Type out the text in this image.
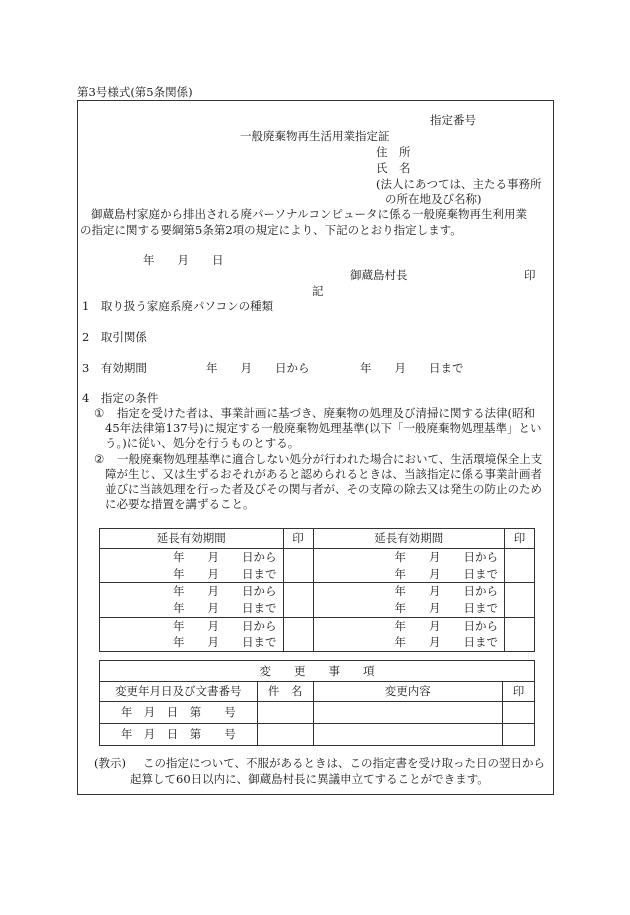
第3号様式(第5条関係)
指定番号
一般廃棄物再生活用業指定証
住　所
氏　名
(法人にあつては、主たる事務所
の所在地及び名称)
御蔵島村家庭から排出される廃パーソナルコンピュータに係る一般廃棄物再生利用業
の指定に関する要綱第5条第2項の規定により、下記のとおり指定します。
年　　月　　日
御蔵島村長	印
記
1　取り扱う家庭系廃パソコンの種類
2　取引関係
3　有効期間	年　　月　　日から	年　　月　　日まで
4　指定の条件
① 指定を受けた者は、事業計画に基づき、廃棄物の処理及び清掃に関する法律(昭和
45年法律第137号)に規定する一般廃棄物処理基準(以下「一般廃棄物処理基準」とい
う。)に従い、処分を行うものとする。
② 一般廃棄物処理基準に適合しない処分が行われた場合において、生活環境保全上支
障が生じ、又は生ずるおそれがあると認められるときは、当該指定に係る事業計画者
並びに当該処理を行った者及びその関与者が、その支障の除去又は発生の防止のため
に必要な措置を講ずること。
延長有効期間	印	延長有効期間	印
年　　月　　日から		年　　月　　日から	
年　　月　　日まで		年　　月　　日まで	
年　　月　　日から		年　　月　　日から	
年　　月　　日まで		年　　月　　日まで	
年　　月　　日から		年　　月　　日から	
年　　月　　日まで		年　　月　　日まで	
変　　更　　事　　項			
変更年月日及び文書番号	件　名	変更内容	印
年　月　日　第　　号			
年　月　日　第　　号			
(教示) この指定について、不服があるときは、この指定書を受け取った日の翌日から
起算して60日以内に、御蔵島村長に異議申立てすることができます。
